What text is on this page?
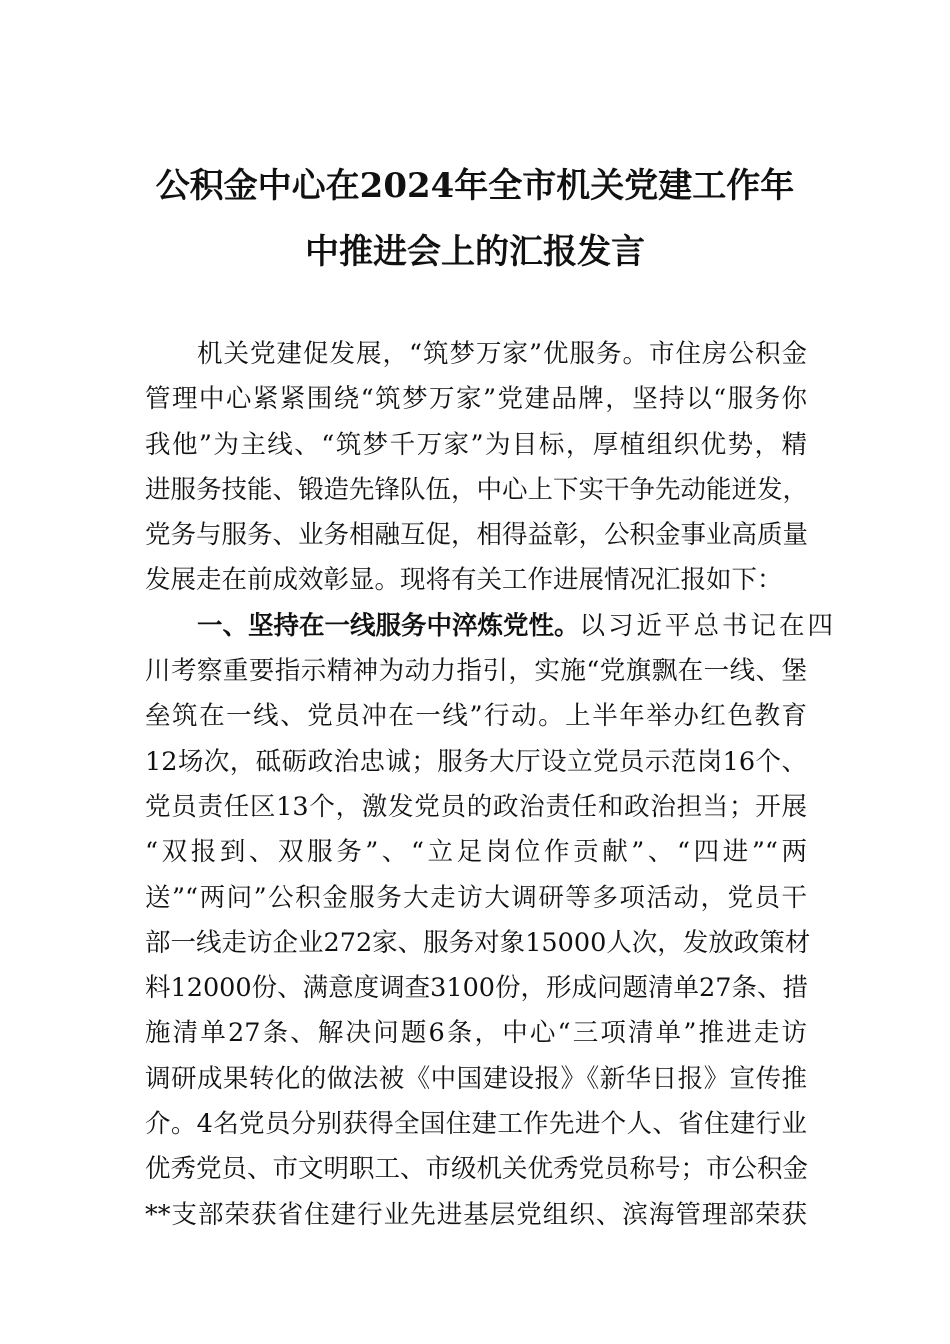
公积金中心在2024年全市机关党建工作年
中推进会上的汇报发言
机关党建促发展，“筑梦万家”优服务。市住房公积金
管理中心紧紧围绕“筑梦万家”党建品牌，坚持以“服务你
我他”为主线、“筑梦千万家”为目标，厚植组织优势，精
进服务技能、锻造先锋队伍，中心上下实干争先动能迸发，
党务与服务、业务相融互促，相得益彰，公积金事业高质量
发展走在前成效彰显。现将有关工作进展情况汇报如下：
一、坚持在一线服务中淬炼党性。 以习近平总书记在四
川考察重要指示精神为动力指引，实施“党旗飘在一线、堡
垒筑在一线、党员冲在一线”行动。上半年举办红色教育
12场次，砥砺政治忠诚；服务大厅设立党员示范岗16个、
党员责任区13个，激发党员的政治责任和政治担当；开展
“双报到、双服务”、“立足岗位作贡献”、“四进”“两
送”“两问”公积金服务大走访大调研等多项活动，党员干
部一线走访企业272家、服务对象15000人次，发放政策材
料12000份、满意度调查3100份，形成问题清单27条、措
施清单27条、解决问题6条，中心“三项清单”推进走访
调研成果转化的做法被《中国建设报》《新华日报》宣传推
介。4名党员分别获得全国住建工作先进个人、省住建行业
优秀党员、市文明职工、市级机关优秀党员称号；市公积金
**支部荣获省住建行业先进基层党组织、滨海管理部荣获
